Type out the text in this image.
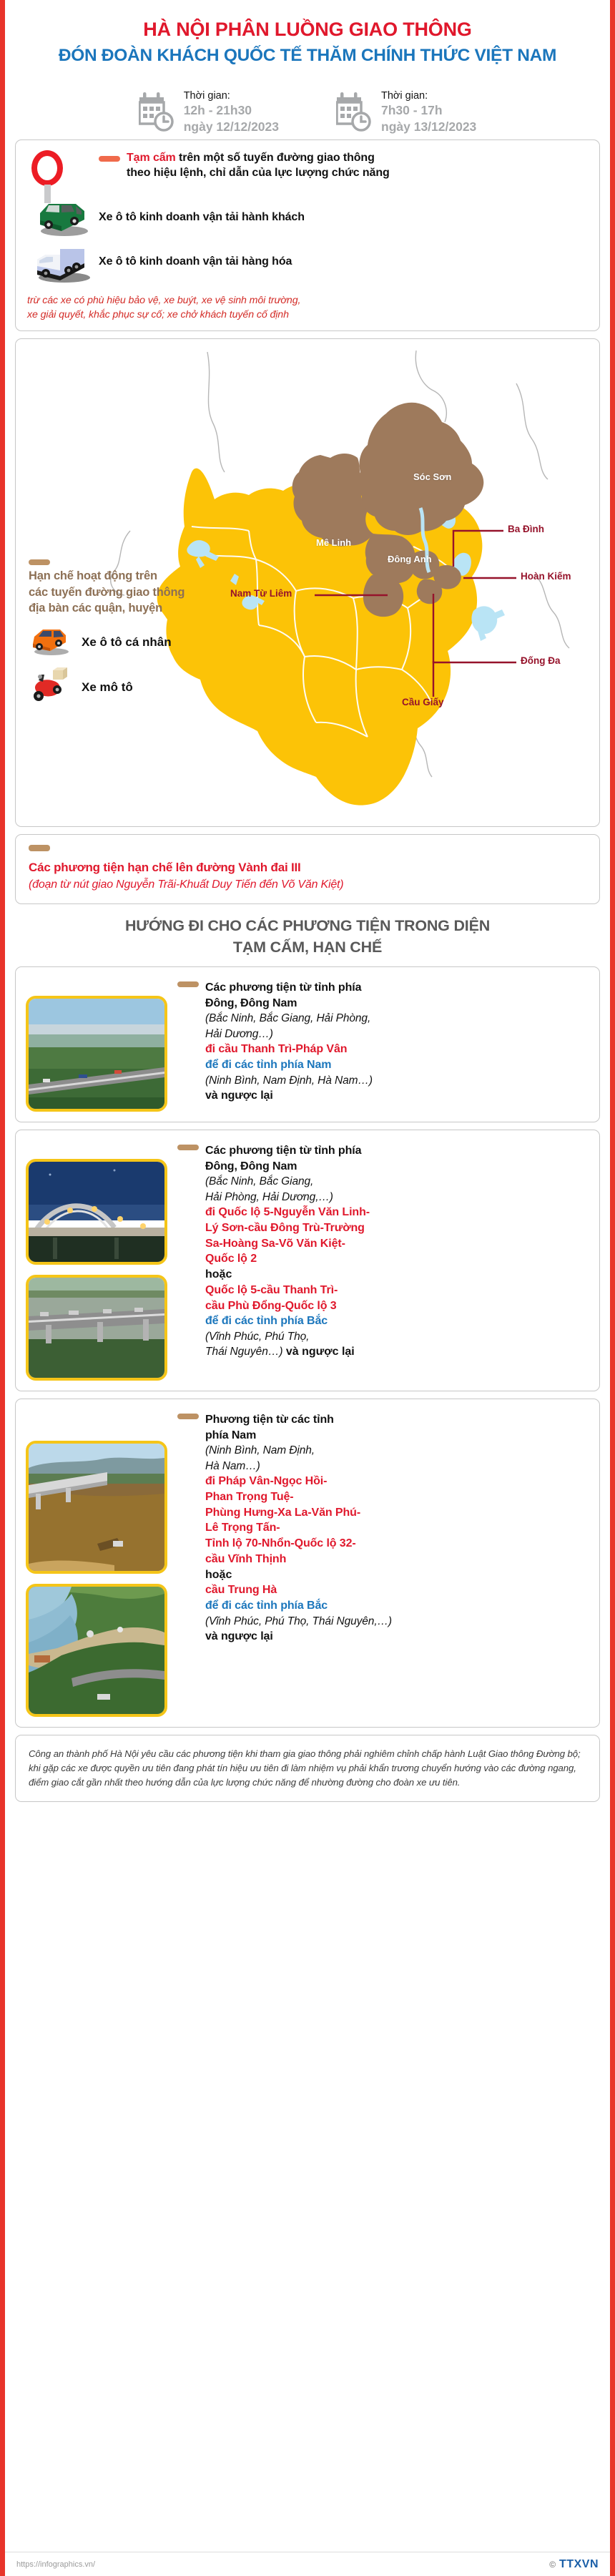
HÀ NỘI PHÂN LUỒNG GIAO THÔNG
ĐÓN ĐOÀN KHÁCH QUỐC TẾ THĂM CHÍNH THỨC VIỆT NAM
Thời gian:
12h - 21h30
ngày 12/12/2023
Thời gian:
7h30 - 17h
ngày 13/12/2023
Tạm cấm trên một số tuyến đường giao thông
theo hiệu lệnh, chỉ dẫn của lực lượng chức năng
Xe ô tô kinh doanh vận tải hành khách
Xe ô tô kinh doanh vận tải hàng hóa
trừ các xe có phù hiệu bảo vệ, xe buýt, xe vệ sinh môi trường,
xe giải quyết, khắc phục sự cố; xe chở khách tuyến cố định
Sóc Sơn
Mê Linh
Đông Anh
Ba Đình
Hoàn Kiếm
Đống Đa
Nam Từ Liêm
Cầu Giấy
Hạn chế hoạt động trên
các tuyến đường giao thông
địa bàn các quận, huyện
Xe ô tô cá nhân
Xe mô tô
Các phương tiện hạn chế lên đường Vành đai III
(đoạn từ nút giao Nguyễn Trãi-Khuất Duy Tiến đến Võ Văn Kiệt)
HƯỚNG ĐI CHO CÁC PHƯƠNG TIỆN TRONG DIỆN
TẠM CẤM, HẠN CHẾ
Các phương tiện từ tỉnh phía
Đông, Đông Nam
(Bắc Ninh, Bắc Giang, Hải Phòng,
Hải Dương…)
đi cầu Thanh Trì-Pháp Vân
để đi các tỉnh phía Nam
(Ninh Bình, Nam Định, Hà Nam…)
và ngược lại
Các phương tiện từ tỉnh phía
Đông, Đông Nam
(Bắc Ninh, Bắc Giang,
Hải Phòng, Hải Dương,…)
đi Quốc lộ 5-Nguyễn Văn Linh-
Lý Sơn-cầu Đông Trù-Trường
Sa-Hoàng Sa-Võ Văn Kiệt-
Quốc lộ 2
hoặc
Quốc lộ 5-cầu Thanh Trì-
cầu Phù Đổng-Quốc lộ 3
để đi các tỉnh phía Bắc
(Vĩnh Phúc, Phú Thọ,
Thái Nguyên…) và ngược lại
Phương tiện từ các tỉnh
phía Nam
(Ninh Bình, Nam Định,
Hà Nam…)
đi Pháp Vân-Ngọc Hồi-
Phan Trọng Tuệ-
Phùng Hưng-Xa La-Văn Phú-
Lê Trọng Tấn-
Tỉnh lộ 70-Nhổn-Quốc lộ 32-
cầu Vĩnh Thịnh
hoặc
cầu Trung Hà
để đi các tỉnh phía Bắc
(Vĩnh Phúc, Phú Thọ, Thái Nguyên,…)
và ngược lại
Công an thành phố Hà Nội yêu cầu các phương tiện khi tham gia giao thông phải nghiêm chỉnh chấp hành Luật Giao thông Đường bộ; khi gặp các xe được quyền ưu tiên đang phát tín hiệu ưu tiên đi làm nhiệm vụ phải khẩn trương chuyển hướng vào các đường ngang, điểm giao cắt gần nhất theo hướng dẫn của lực lượng chức năng để nhường đường cho đoàn xe ưu tiên.
https://infographics.vn/	© TTXVN
